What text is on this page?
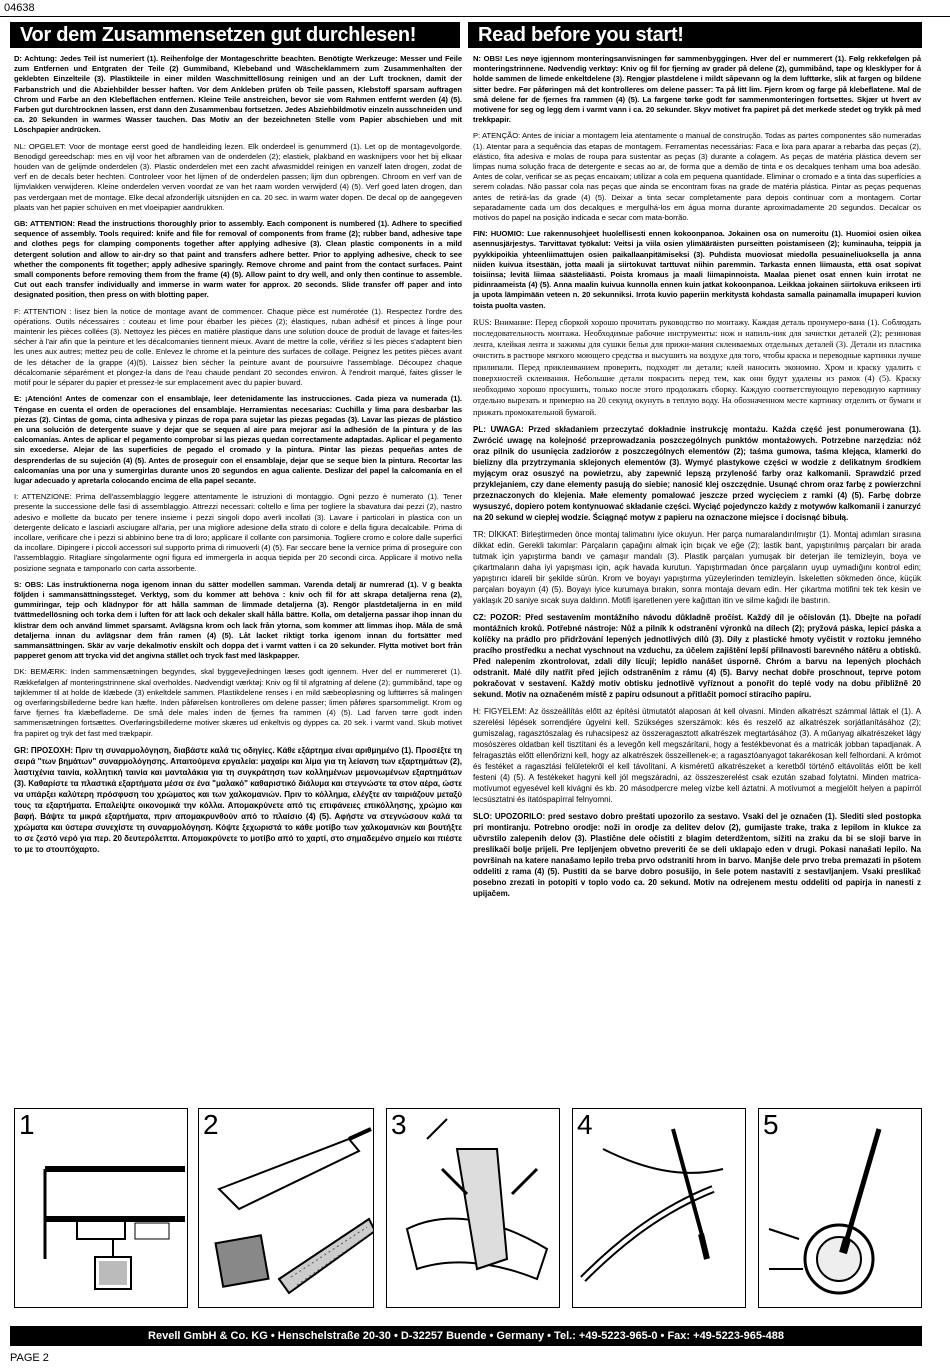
04638
Vor dem Zusammensetzen gut durchlesen!	Read before you start!

D: Achtung: Jedes Teil ist numeriert (1). Reihenfolge der Montageschritte beachten. Benötigte Werkzeuge: Messer und Feile zum Entfernen und Entgraten der Teile (2) Gummiband, Klebeband und Wäscheklammern zum Zusammenhalten der geklebten Einzelteile (3). Plastikteile in einer milden Waschmittellösung reinigen und an der Luft trocknen, damit der Farbanstrich und die Abziehbilder besser haften. Vor dem Ankleben prüfen ob Teile passen, Klebstoff sparsam auftragen Chrom und Farbe an den Klebeflächen entfernen. Kleine Teile anstreichen, bevor sie vom Rahmen entfernt werden (4) (5). Farben gut durchtrocknen lassen, erst dann den Zusammenbau fortsetzen. Jedes Abziehbildmotiv einzeln ausschneiden und ca. 20 Sekunden in warmes Wasser tauchen. Das Motiv an der bezeichneten Stelle vom Papier abschieben und mit Löschpapier andrücken.

NL: OPGELET: Voor de montage eerst goed de handleiding lezen. Elk onderdeel is genummerd (1). Let op de montagevolgorde. Benodigd gereedschap: mes en vijl voor het afbramen van de onderdelen (2); elastiek, plakband en wasknijpers voor het bij elkaar houden van de gelijmde onderdelen (3). Plastic onderdelen met een zacht afwasmiddel reinigen en vanzelf laten drogen, zodat de verf en de decals beter hechten. Controleer voor het lijmen of de onderdelen passen; lijm dun opbrengen. Chroom en verf van de lijmvlakken verwijderen. Kleine onderdelen verven voordat ze van het raam worden verwijderd (4) (5). Verf goed laten drogen, dan pas verdergaan met de montage. Elke decal afzonderlijk uitsnijden en ca. 20 sec. in warm water dopen. De decal op de aangegeven plaats van het papier schuiven en met vloeipapier aandrukken.

GB: ATTENTION: Read the instructions thoroughly prior to assembly. Each component is numbered (1). Adhere to specified sequence of assembly. Tools required: knife and file for removal of components from frame (2); rubber band, adhesive tape and clothes pegs for clamping components together after applying adhesive (3). Clean plastic components in a mild detergent solution and allow to air-dry so that paint and transfers adhere better. Prior to applying adhesive, check to see whether the components fit together; apply adhesive sparingly. Remove chrome and paint from the contact surfaces. Paint small components before removing them from the frame (4) (5). Allow paint to dry well, and only then continue to assemble. Cut out each transfer individually and immerse in warm water for approx. 20 seconds. Slide transfer off paper and into designated position, then press on with blotting paper.

F: ATTENTION : lisez bien la notice de montage avant de commencer. Chaque pièce est numérotée (1). Respectez l'ordre des opérations. Outils nécessaires : couteau et lime pour ébarber les pièces (2); élastiques, ruban adhésif et pinces à linge pour maintenir les pièces collées (3). Nettoyez les pièces en matière plastique dans une solution douce de produit de lavage et faites-les sécher à l'air afin que la peinture et les décalcomanies tiennent mieux. Avant de mettre la colle, vérifiez si les pièces s'adaptent bien les unes aux autres; mettez peu de colle. Enlevez le chrome et la peinture des surfaces de collage. Peignez les petites pièces avant de les détacher de la grappe (4)(5). Laissez bien sécher la peinture avant de poursuivre l'assemblage. Découpez chaque décalcomanie séparément et plongez-la dans de l'eau chaude pendant 20 secondes environ. À l'endroit marqué, faites glisser le motif pour le séparer du papier et pressez-le sur emplacement avec du papier buvard.

E: ¡Atención! Antes de comenzar con el ensamblaje, leer detenidamente las instrucciones. Cada pieza va numerada (1). Téngase en cuenta el orden de operaciones del ensamblaje. Herramientas necesarias: Cuchilla y lima para desbarbar las piezas (2). Cintas de goma, cinta adhesiva y pinzas de ropa para sujetar las piezas pegadas (3). Lavar las piezas de plástico en una solución de detergente suave y dejar que se sequen al aire para mejorar así la adhesión de la pintura y de las calcomanías. Antes de aplicar el pegamento comprobar si las piezas quedan correctamente adaptadas. Aplicar el pegamento sin excederse. Alejar de las superficies de pegado el cromado y la pintura. Pintar las piezas pequeñas antes de desprenderlas de su sujeción (4) (5). Antes de proseguir con el ensamblaje, dejar que se seque bien la pintura. Recortar las calcomanías una por una y sumergirlas durante unos 20 segundos en agua caliente. Deslizar del papel la calcomanía en el lugar adecuado y apretarla colocando encima de ella papel secante.

I: ATTENZIONE: Prima dell'assemblaggio leggere attentamente le istruzioni di montaggio. Ogni pezzo è numerato (1). Tener presente la successione delle fasi di assemblaggio. Attrezzi necessari: coltello e lima per togliere la sbavatura dai pezzi (2), nastro adesivo e mollette da bucato per tenere insieme i pezzi singoli dopo averli incollati (3). Lavare i particolari in plastica con un detergente delicato e lasciarli asciugare all'aria, per una migliore adesione della strato di colore e della figura decalcabile. Prima di incollare, verificare che i pezzi si abbinino bene tra di loro; applicare il collante con parsimonia. Togliere cromo e colore dalle superfici da incollare. Dipingere i piccoli accessori sul supporto prima di rimuoverli (4) (5). Far seccare bene la vernice prima di proseguire con l'assemblaggio. Ritagliare singolarmente ogni figura ed immergerla in acqua tiepida per 20 secondi circa. Applicare il motivo nella posizione segnata e tamponarlo con carta assorbente.

S: OBS: Läs instruktionerna noga igenom innan du sätter modellen samman. Varenda detalj är numrerad (1). V g beakta följden i sammansättningssteget. Verktyg, som du kommer att behöva : kniv och fil för att skrapa detaljerna rena (2), gummiringar, tejp och klädnypor för att hålla samman de limmade detaljerna (3). Rengör plastdetaljerna in en mild tvättmedellösning och torka dem i luften för att lack och dekaler skall hålla bättre. Kolla, om detaljerna passar ihop innan du klistrar dem och använd limmet sparsamt. Avlägsna krom och lack från ytorna, som kommer att limmas ihop. Måla de små detaljerna innan du avlägsnar dem från ramen (4) (5). Låt lacket riktigt torka igenom innan du fortsätter med sammansättningen. Skär av varje dekalmotiv enskilt och doppa det i varmt vatten i ca 20 sekunder. Flytta motivet bort från papperet genom att trycka vid det angivna stället och tryck fast med läskpapper.

DK: BEMÆRK: Inden sammensætningen begyndes, skal byggevejledningen læses godt igennem. Hver del er nummereret (1). Rækkefølgen af monteringstrinnene skal overholdes. Nødvendigt værktøj: Kniv og fil til afgratning af delene (2); gummibånd, tape og tøjklemmer til at holde de klæbede (3) enkeltdele sammen. Plastikdelene renses i en mild sæbeopløsning og lufttørres så malingen og overføringsbillederne bedre kan hæfte. Inden påførelsen kontrolleres om delene passer; limen påføres sparsommeligt. Krom og farve fjernes fra klæbefladerne. De små dele males inden de fjernes fra rammen (4) (5). Lad farven tørre godt inden sammensætningen fortsættes. Overføringsbillederne motiver skæres ud enkeltvis og dyppes ca. 20 sek. i varmt vand. Skub motivet fra papiret og tryk det fast med trækpapir.

GR: ΠΡΟΣΟΧΗ: Πριν τη συναρμολόγηση, διαβάστε καλά τις οδηγίες. Κάθε εξάρτημα είναι αριθμημένο (1). Προσέξτε τη σειρά "των βημάτων" συναρμολόγησης. Απαιτούμενα εργαλεία: μαχαίρι και λίμα για τη λείανση των εξαρτημάτων (2), λαστιχένια ταινία, κολλητική ταινία και μανταλάκια για τη συγκράτηση των κολλημένων μεμονωμένων εξαρτημάτων (3). Καθαρίστε τα πλαστικά εξαρτήματα μέσα σε ένα "μαλακό" καθαριστικό διάλυμα και στεγνώστε τα στον αέρα, ώστε να υπάρξει καλύτερη πρόσφυση του χρώματος και των χαλκομανιών. Πριν το κόλλημα, ελέγξτε αν ταιριάζουν μεταξύ τους τα εξαρτήματα. Επαλείψτε οικονομικά την κόλλα. Απομακρύνετε από τις επιφάνειες επικόλλησης, χρώμιο και βαφή. Βάψτε τα μικρά εξαρτήματα, πριν απομακρυνθούν από το πλαίσιο (4) (5). Αφήστε να στεγνώσουν καλά τα χρώματα και ύστερα συνεχίστε τη συναρμολόγηση. Κόψτε ξεχωριστά το κάθε μοτίβο των χαλκομανιών και βουτήξτε το σε ζεστό νερό για περ. 20 δευτερόλεπτα. Απομακρύνετε το μοτίβο από το χαρτί, στο σημαδεμένο σημείο και πιέστε το με το στουπόχαρτο.

N: OBS! Les nøye igjennom monteringsanvisningen før sammenbyggingen. Hver del er nummerert (1). Følg rekkefølgen på monteringstrinnene. Nødvendig verktøy: Kniv og fil for fjerning av grader på delene (2), gummibånd, tape og klesklyper for å holde sammen de limede enkeltdelene (3). Rengjør plastdelene i mildt såpevann og la dem lufttørke, slik at fargen og bildene sitter bedre. Før påføringen må det kontrolleres om delene passer: Ta på litt lim. Fjern krom og farge på klebeflatene. Mal de små delene før de fjernes fra rammen (4) (5). La fargene tørke godt før sammenmonteringen fortsettes. Skjær ut hvert av motivene for seg og legg dem i varmt vann i ca. 20 sekunder. Skyv motivet fra papiret på det merkede stedet og trykk på med trekkpapir.

P: ATENÇÃO: Antes de iniciar a montagem leia atentamente o manual de construção. Todas as partes componentes são numeradas (1). Atentar para a sequência das etapas de montagem. Ferramentas necessárias: Faca e lixa para aparar a rebarba das peças (2), elástico, fita adesiva e molas de roupa para sustentar as peças (3) durante a colagem. As peças de matéria plástica devem ser limpas numa solução fraca de detergente e secas ao ar, de forma que a demão de tinta e os decalques tenham uma boa adesão. Antes de colar, verificar se as peças encaixam; utilizar a cola em pequena quantidade. Eliminar o cromado e a tinta das superfícies a serem coladas. Não passar cola nas peças que ainda se encontram fixas na grade de matéria plástica. Pintar as peças pequenas antes de retirá-las da grade (4) (5). Deixar a tinta secar completamente para depois continuar com a montagem. Cortar separadamente cada um dos decalques e mergulhá-los em água morna durante aproximadamente 20 segundos. Decalcar os motivos do papel na posição indicada e secar com mata-borrão.

FIN: HUOMIO: Lue rakennusohjeet huolellisesti ennen kokoonpanoa. Jokainen osa on numeroitu (1). Huomioi osien oikea asennusjärjestys. Tarvittavat työkalut: Veitsi ja viila osien ylimääräisten purseitten poistamiseen (2); kuminauha, teippiä ja pyykkipoikia yhteenliimattujen osien paikallaanpitämiseksi (3). Puhdista muoviosat miedolla pesuaineliuoksella ja anna niiden kuivua itsestään, jotta maali ja siirtokuvat tarttuvat niihin paremmin. Tarkasta ennen liimausta, että osat sopivat toisiinsa; levitä liimaa säästeliäästi. Poista kromaus ja maali liimapinnoista. Maalaa pienet osat ennen kuin irrotat ne pidinraameista (4) (5). Anna maalin kuivua kunnolla ennen kuin jatkat kokoonpanoa. Leikkaa jokainen siirtokuva erikseen irti ja upota lämpimään veteen n. 20 sekunniksi. Irrota kuvio paperiin merkitystä kohdasta samalla painamalla imupaperi kuvion toista puolta vasten.

RUS: Внимание: Перед сборкой хорошо прочитать руководство по монтажу. Каждая деталь пронумеро-вана (1). Соблюдать последовательность монтажа. Необходимые рабочие инструменты: нож и напиль-ник для зачистки деталей (2); резиновая лента, клейкая лента и зажимы для сушки белья для прижи-мания склеиваемых отдельных деталей (3). Детали из пластика очистить в растворе мягкого моющего средства и высушить на воздухе для того, чтобы краска и переводные картинки лучше прилипали. Перед приклеиванием проверить, подходят ли детали; клей наносить экономно. Хром и краску удалить с поверхностей склеивания. Небольшие детали покрасить перед тем, как они будут удалены из рамок (4) (5). Краску необходимо хорошо просушить, только после этого продолжать сборку. Каждую соответствующую переводную картинку отдельно вырезать и примерно на 20 секунд окунуть в теплую воду. На обозначенном месте картинку отделить от бумаги и прижать промокательной бумагой.

PL: UWAGA: Przed składaniem przeczytać dokładnie instrukcję montażu. Każda część jest ponumerowana (1). Zwrócić uwagę na kolejność przeprowadzania poszczególnych punktów montażowych. Potrzebne narzędzia: nóż oraz pilnik do usunięcia zadziorów z poszczególnych elementów (2); taśma gumowa, taśma klejąca, klamerki do bielizny dla przytrzymania sklejonych elementów (3). Wymyć plastykowe części w wodzie z delikatnym środkiem myjącym oraz osuszyć na powietrzu, aby zapewnić lepszą przyleność farby oraz kalkomanii. Sprawdzić przed przyklejaniem, czy dane elementy pasują do siebie; nanosić klej oszczędnie. Usunąć chrom oraz farbę z powierzchni przeznaczonych do klejenia. Małe elementy pomalować jeszcze przed wycięciem z ramki (4) (5). Farbę dobrze wysuszyć, dopiero potem kontynuować składanie części. Wyciąć pojedynczo każdy z motywów kalkomanii i zanurzyć na 20 sekund w ciepłej wodzie. Ściągnąć motyw z papieru na oznaczone miejsce i docisnąć bibułą.

TR: DİKKAT: Birleştirmeden önce montaj talimatını iyice okuyun. Her parça numaralandırılmıştır (1). Montaj adımları sırasına dikkat edin. Gerekli takımlar: Parçaların çapağını almak için bıçak ve eğe (2); lastik bant, yapıştırılmış parçaları bir arada tutmak için yapıştırma bandı ve çamaşır mandalı (3). Plastik parçaları yumuşak bir deterjan ile temizleyin, boya ve çıkartmaların daha iyi yapışması için, açık havada kurutun. Yapıştırmadan önce parçaların uyup uymadığını kontrol edin; yapıştırıcı idareli bir şekilde sürün. Krom ve boyayı yapıştırma yüzeylerinden temizleyin. İskeletten sökmeden önce, küçük parçaları boyayın (4) (5). Boyayı iyice kurumaya bırakın, sonra montaja devam edin. Her çıkartma motifini tek tek kesin ve yaklaşık 20 saniye sıcak suya daldırın. Motifi işaretlenen yere kağıttan itin ve silme kağıdı ile bastırın.

CZ: POZOR: Před sestavením montážního návodu důkladně pročíst. Každý díl je očíslován (1). Dbejte na pořadí montážních kroků. Potřebné nástroje: Nůž a pilník k odstranění výronků na dílech (2); pryžová páska, lepicí páska a kolíčky na prádlo pro přidržování lepených jednotlivých dílů (3). Díly z plastické hmoty vyčistit v roztoku jemného pracího prostředku a nechat vyschnout na vzduchu, za účelem zajištění lepší přilnavosti barevného nátěru a obtisků. Před nalepením zkontrolovat, zdali díly lícují; lepidlo nanášet úsporně. Chróm a barvu na lepených plochách odstranit. Malé díly natřít před jejich odstraněním z rámu (4) (5). Barvy nechat dobře proschnout, teprve potom pokračovat v sestavení. Každý motiv obtisku jednotlivě vyříznout a ponořit do teplé vody na dobu přibližně 20 sekund. Motiv na označeném místě z papíru odsunout a přitlačit pomocí stíracího papíru.

H: FIGYELEM: Az összeállítás előtt az építési útmutatót alaposan át kell olvasni. Minden alkatrészt számmal láttak el (1). A szerelési lépések sorrendjére ügyelni kell. Szükséges szerszámok: kés és reszelő az alkatrészek sorjátlanításához (2); gumiszalag, ragasztószalag és ruhacsipesz az összeragasztott alkatrészek megtartásához (3). A műanyag alkatrészeket lágy mosószeres oldatban kell tisztítani és a levegőn kell megszárítani, hogy a festékbevonat és a matricák jobban tapadjanak. A felragasztás előtt ellenőrizni kell, hogy az alkatrészek összeillenek-e; a ragasztóanyagot takarékosan kell felhordani. A krómot és festéket a ragasztási felületekről el kell távolítani. A kisméretű alkatrészeket a keretből történő eltávolítás előtt be kell festeni (4) (5). A festékeket hagyni kell jól megszáradni, az összeszerelést csak ezután szabad folytatni. Minden matrica-motívumot egyesével kell kivágni és kb. 20 másodpercre meleg vízbe kell áztatni. A motívumot a megjelölt helyen a papírról lecsúsztatni és itatóspapírral felnyomni.

SLO: UPOZORILO: pred sestavo dobro preštati upozorilo za sestavo. Vsaki del je označen (1). Slediti sled postopka pri montiranju. Potrebno orodje: noži in orodje za delitev delov (2), gumijaste trake, traka z lepilom in klukce za učvrstilo zalepenih delov (3). Plastične dele očistiti z blagim deterdžentom, sižiti na zraku da bi se sloji barve in preslikači bolje prijeli. Pre lepljenjem obvetno preveriti če se deli uklapajo eden v drugi. Pokasi nanašati lepilo. Na površinah na katere nanašamo lepilo treba prvo odstraniti hrom in barvo. Manjše dele prvo treba premazati in pšotem oddeliti z rama (4) (5). Pustiti da se barve dobro posušijo, in šele potem nastaviti z sestavljanjem. Vsaki preslikač posebno zrezati in potopiti v toplo vodo ca. 20 sekund. Motiv na odrejenem mestu oddeliti od papirja in nanesti z upijačem.

1	2	3	4	5
Revell GmbH & Co. KG • Henschelstraße 20-30 • D-32257 Buende • Germany • Tel.: +49-5223-965-0 • Fax: +49-5223-965-488
PAGE 2
